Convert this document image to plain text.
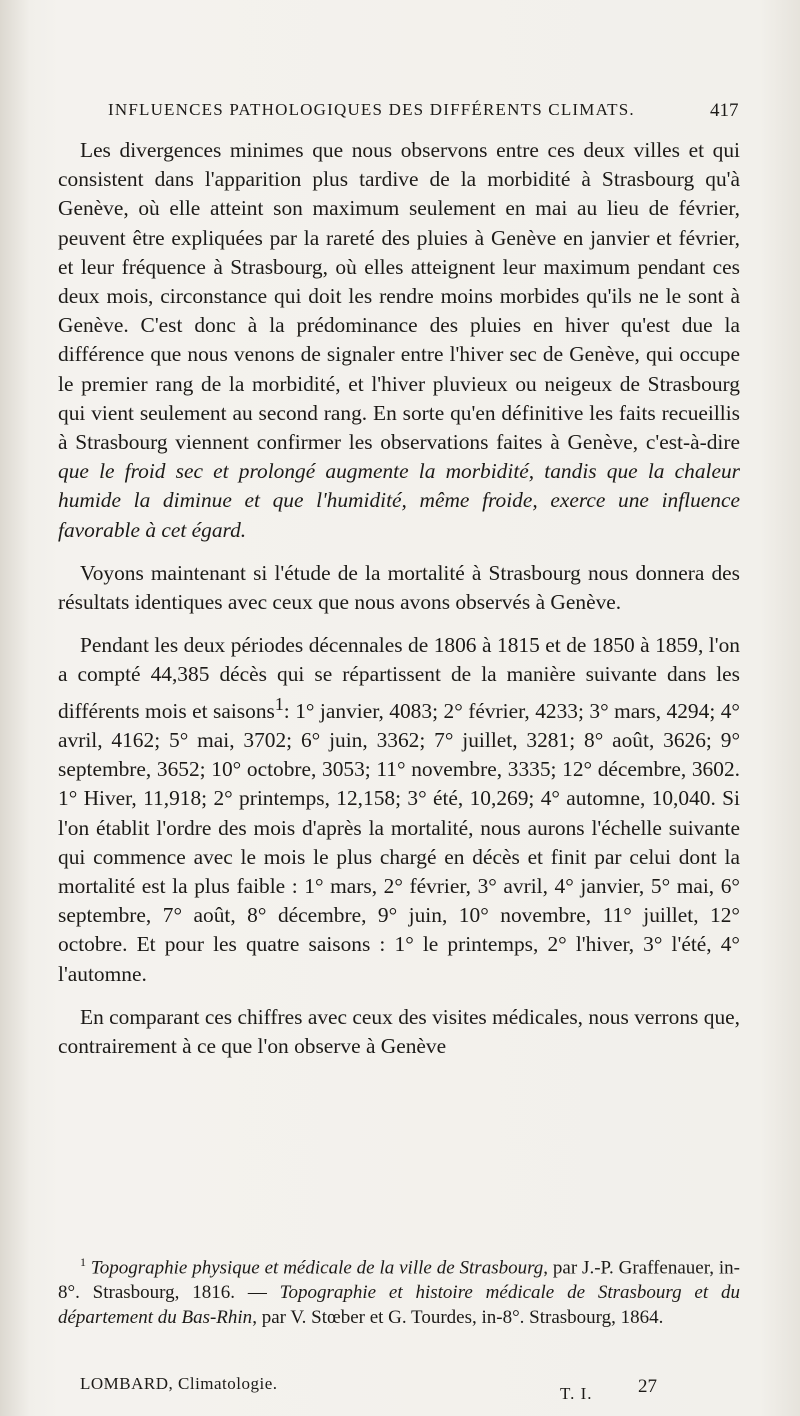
INFLUENCES PATHOLOGIQUES DES DIFFÉRENTS CLIMATS.	417

Les divergences minimes que nous observons entre ces deux villes et qui consistent dans l'apparition plus tardive de la morbidité à Strasbourg qu'à Genève, où elle atteint son maximum seulement en mai au lieu de février, peuvent être expliquées par la rareté des pluies à Genève en janvier et février, et leur fréquence à Strasbourg, où elles atteignent leur maximum pendant ces deux mois, circonstance qui doit les rendre moins morbides qu'ils ne le sont à Genève. C'est donc à la prédominance des pluies en hiver qu'est due la différence que nous venons de signaler entre l'hiver sec de Genève, qui occupe le premier rang de la morbidité, et l'hiver pluvieux ou neigeux de Strasbourg qui vient seulement au second rang. En sorte qu'en définitive les faits recueillis à Strasbourg viennent confirmer les observations faites à Genève, c'est-à-dire que le froid sec et prolongé augmente la morbidité, tandis que la chaleur humide la diminue et que l'humidité, même froide, exerce une influence favorable à cet égard.

Voyons maintenant si l'étude de la mortalité à Strasbourg nous donnera des résultats identiques avec ceux que nous avons observés à Genève.

Pendant les deux périodes décennales de 1806 à 1815 et de 1850 à 1859, l'on a compté 44,385 décès qui se répartissent de la manière suivante dans les différents mois et saisons$^1$: 1° janvier, 4083; 2° février, 4233; 3° mars, 4294; 4° avril, 4162; 5° mai, 3702; 6° juin, 3362; 7° juillet, 3281; 8° août, 3626; 9° septembre, 3652; 10° octobre, 3053; 11° novembre, 3335; 12° décembre, 3602. 1° Hiver, 11,918; 2° printemps, 12,158; 3° été, 10,269; 4° automne, 10,040. Si l'on établit l'ordre des mois d'après la mortalité, nous aurons l'échelle suivante qui commence avec le mois le plus chargé en décès et finit par celui dont la mortalité est la plus faible : 1° mars, 2° février, 3° avril, 4° janvier, 5° mai, 6° septembre, 7° août, 8° décembre, 9° juin, 10° novembre, 11° juillet, 12° octobre. Et pour les quatre saisons : 1° le printemps, 2° l'hiver, 3° l'été, 4° l'automne.

En comparant ces chiffres avec ceux des visites médicales, nous verrons que, contrairement à ce que l'on observe à Genève

$^1$ Topographie physique et médicale de la ville de Strasbourg, par J.-P. Graffenauer, in-8°. Strasbourg, 1816. — Topographie et histoire médicale de Strasbourg et du département du Bas-Rhin, par V. Stœber et G. Tourdes, in-8°. Strasbourg, 1864.

LOMBARD, Climatologie.
T. I. 27
